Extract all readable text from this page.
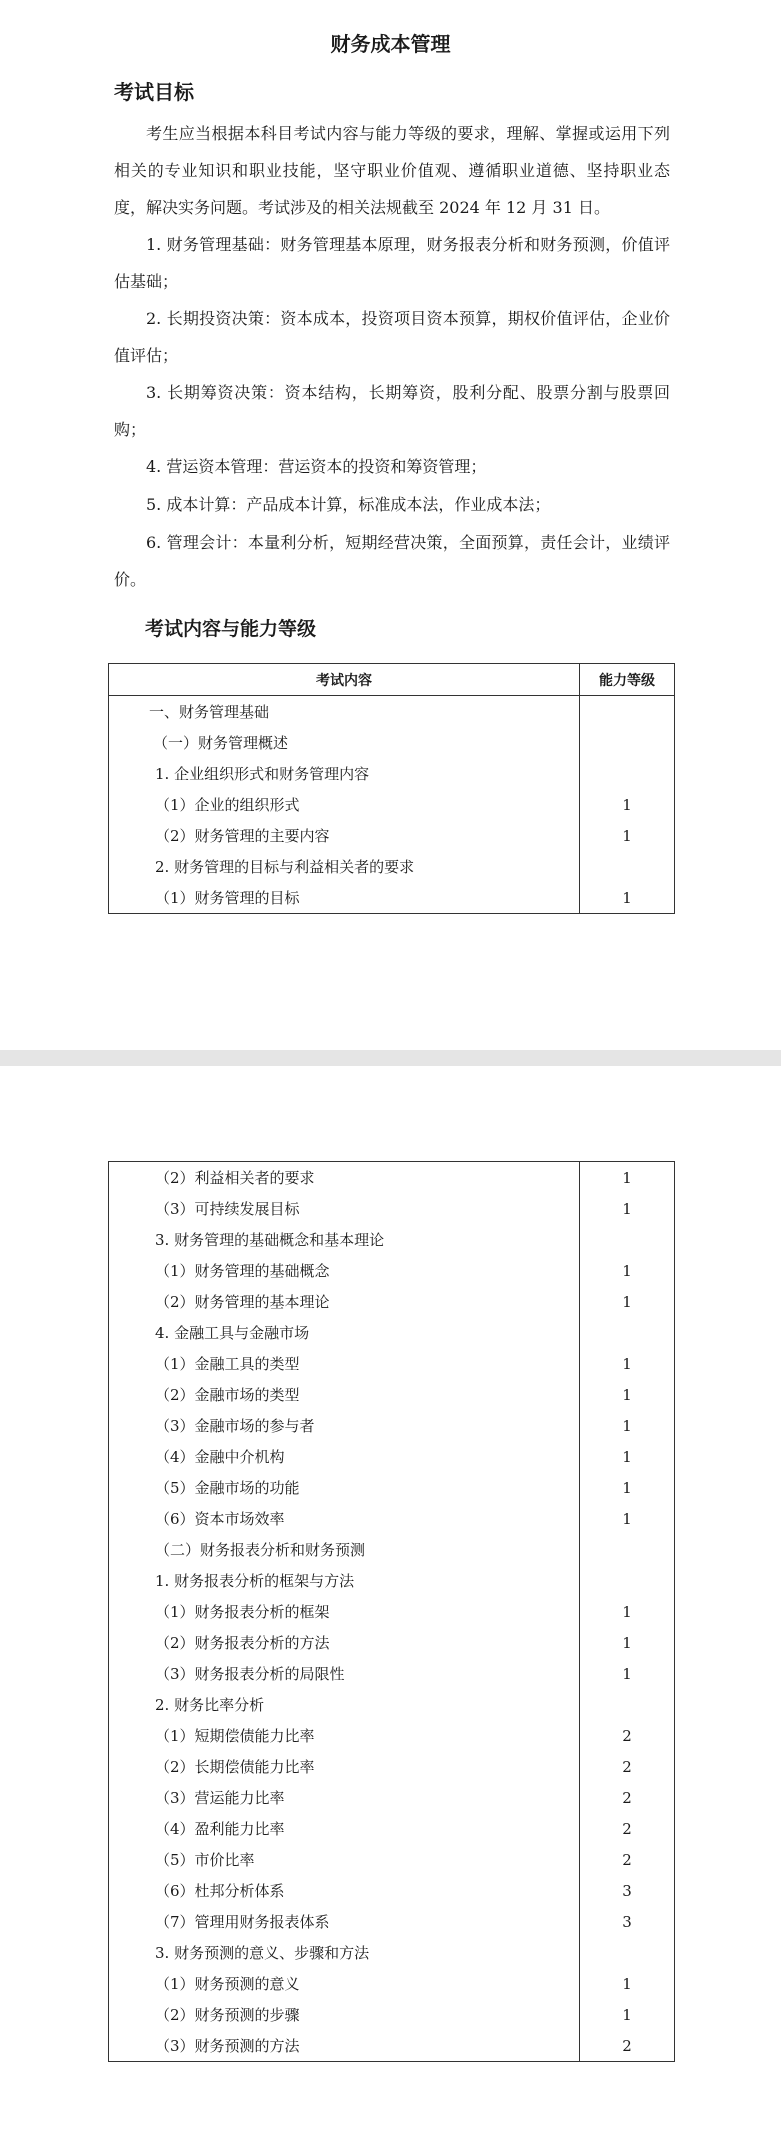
财务成本管理
考试目标
考生应当根据本科目考试内容与能力等级的要求，理解、掌握或运用下列相关的专业知识和职业技能，坚守职业价值观、遵循职业道德、坚持职业态度，解决实务问题。考试涉及的相关法规截至 2024 年 12 月 31 日。
1. 财务管理基础：财务管理基本原理，财务报表分析和财务预测，价值评估基础；
2. 长期投资决策：资本成本，投资项目资本预算，期权价值评估，企业价值评估；
3. 长期筹资决策：资本结构，长期筹资，股利分配、股票分割与股票回购；
4. 营运资本管理：营运资本的投资和筹资管理；
5. 成本计算：产品成本计算，标准成本法，作业成本法；
6. 管理会计：本量利分析，短期经营决策，全面预算，责任会计，业绩评价。
考试内容与能力等级
考试内容	能力等级
一、财务管理基础	
（一）财务管理概述	
1. 企业组织形式和财务管理内容	
（1）企业的组织形式	1
（2）财务管理的主要内容	1
2. 财务管理的目标与利益相关者的要求	
（1）财务管理的目标	1
（2）利益相关者的要求	1
（3）可持续发展目标	1
3. 财务管理的基础概念和基本理论	
（1）财务管理的基础概念	1
（2）财务管理的基本理论	1
4. 金融工具与金融市场	
（1）金融工具的类型	1
（2）金融市场的类型	1
（3）金融市场的参与者	1
（4）金融中介机构	1
（5）金融市场的功能	1
（6）资本市场效率	1
（二）财务报表分析和财务预测	
1. 财务报表分析的框架与方法	
（1）财务报表分析的框架	1
（2）财务报表分析的方法	1
（3）财务报表分析的局限性	1
2. 财务比率分析	
（1）短期偿债能力比率	2
（2）长期偿债能力比率	2
（3）营运能力比率	2
（4）盈利能力比率	2
（5）市价比率	2
（6）杜邦分析体系	3
（7）管理用财务报表体系	3
3. 财务预测的意义、步骤和方法	
（1）财务预测的意义	1
（2）财务预测的步骤	1
（3）财务预测的方法	2
